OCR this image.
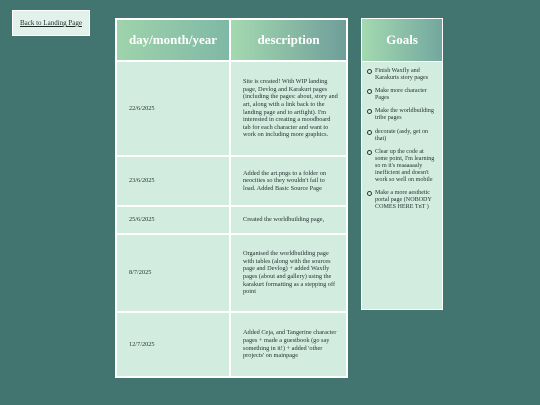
Back to Landing Page
day/month/year	description
22/6/2025	Site is created! With WIP landing page, Devlog and Karakurt pages (including the pages: about, story and art, along with a link back to the landing page and to artfight). I'm interested in creating a moodboard tab for each character and want to work on including more graphics.
23/6/2025	Added the art.pngs to a folder on neocities so they wouldn't fail to load. Added Basic Source Page
25/6/2025	Created the worldbuilding page,
8/7/2025	Organised the worldbuilding page with tables (along with the sources page and Devlog) + added Waxfly pages (about and gallery) using the karakurt formatting as a stepping off point
12/7/2025	Added Ceja, and Tangerine character pages + made a guestbook (go say something in it!) + added 'other projects' on mainpage
Goals
Finish Waxfly and Karakurts story pages
Make more character Pages
Make the worldbuilding tribe pages
decorate (asdy, get on that)
Clear up the code at some point, I'm learning so m it's reaaaaaaly inefficient and doesn't work so well on mobile
Make a more aesthetic portal page (NOBODY COMES HERE TnT )
